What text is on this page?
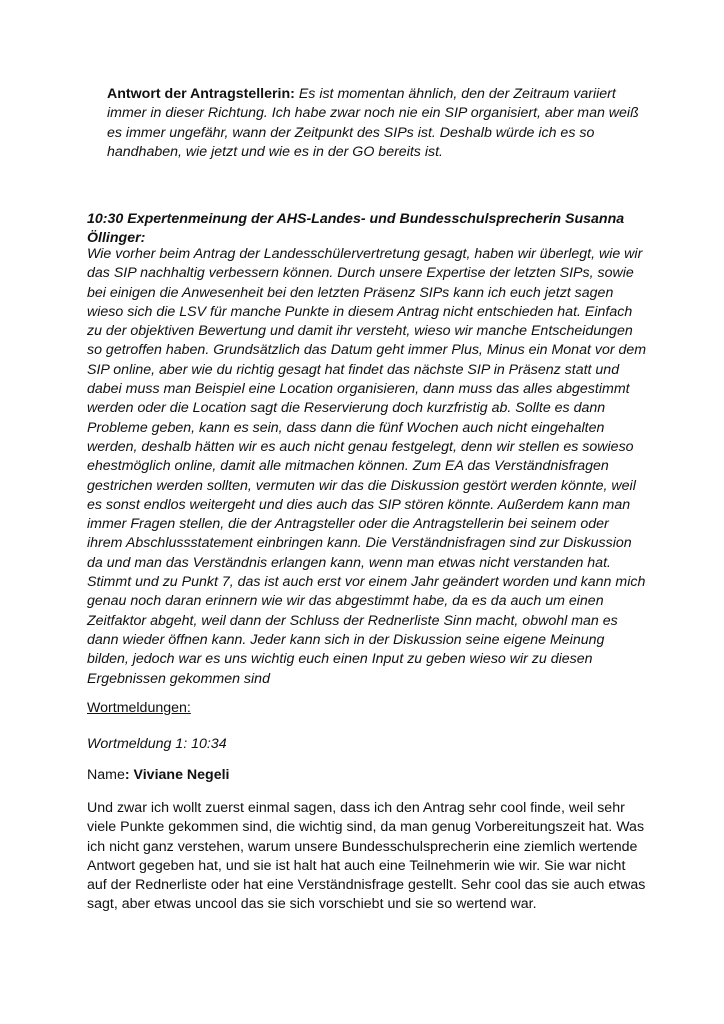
Antwort der Antragstellerin: Es ist momentan ähnlich, den der Zeitraum variiert immer in dieser Richtung. Ich habe zwar noch nie ein SIP organisiert, aber man weiß es immer ungefähr, wann der Zeitpunkt des SIPs ist. Deshalb würde ich es so handhaben, wie jetzt und wie es in der GO bereits ist.

10:30 Expertenmeinung der AHS-Landes- und Bundesschulsprecherin Susanna Öllinger:

Wie vorher beim Antrag der Landesschülervertretung gesagt, haben wir überlegt, wie wir das SIP nachhaltig verbessern können. Durch unsere Expertise der letzten SIPs, sowie bei einigen die Anwesenheit bei den letzten Präsenz SIPs kann ich euch jetzt sagen wieso sich die LSV für manche Punkte in diesem Antrag nicht entschieden hat. Einfach zu der objektiven Bewertung und damit ihr versteht, wieso wir manche Entscheidungen so getroffen haben. Grundsätzlich das Datum geht immer Plus, Minus ein Monat vor dem SIP online, aber wie du richtig gesagt hat findet das nächste SIP in Präsenz statt und dabei muss man Beispiel eine Location organisieren, dann muss das alles abgestimmt werden oder die Location sagt die Reservierung doch kurzfristig ab. Sollte es dann Probleme geben, kann es sein, dass dann die fünf Wochen auch nicht eingehalten werden, deshalb hätten wir es auch nicht genau festgelegt, denn wir stellen es sowieso ehestmöglich online, damit alle mitmachen können. Zum EA das Verständnisfragen gestrichen werden sollten, vermuten wir das die Diskussion gestört werden könnte, weil es sonst endlos weitergeht und dies auch das SIP stören könnte. Außerdem kann man immer Fragen stellen, die der Antragsteller oder die Antragstellerin bei seinem oder ihrem Abschlussstatement einbringen kann. Die Verständnisfragen sind zur Diskussion da und man das Verständnis erlangen kann, wenn man etwas nicht verstanden hat. Stimmt und zu Punkt 7, das ist auch erst vor einem Jahr geändert worden und kann mich genau noch daran erinnern wie wir das abgestimmt habe, da es da auch um einen Zeitfaktor abgeht, weil dann der Schluss der Rednerliste Sinn macht, obwohl man es dann wieder öffnen kann. Jeder kann sich in der Diskussion seine eigene Meinung bilden, jedoch war es uns wichtig euch einen Input zu geben wieso wir zu diesen Ergebnissen gekommen sind

Wortmeldungen:

Wortmeldung 1: 10:34

Name: Viviane Negeli

Und zwar ich wollt zuerst einmal sagen, dass ich den Antrag sehr cool finde, weil sehr viele Punkte gekommen sind, die wichtig sind, da man genug Vorbereitungszeit hat. Was ich nicht ganz verstehen, warum unsere Bundesschulsprecherin eine ziemlich wertende Antwort gegeben hat, und sie ist halt hat auch eine Teilnehmerin wie wir. Sie war nicht auf der Rednerliste oder hat eine Verständnisfrage gestellt. Sehr cool das sie auch etwas sagt, aber etwas uncool das sie sich vorschiebt und sie so wertend war.
